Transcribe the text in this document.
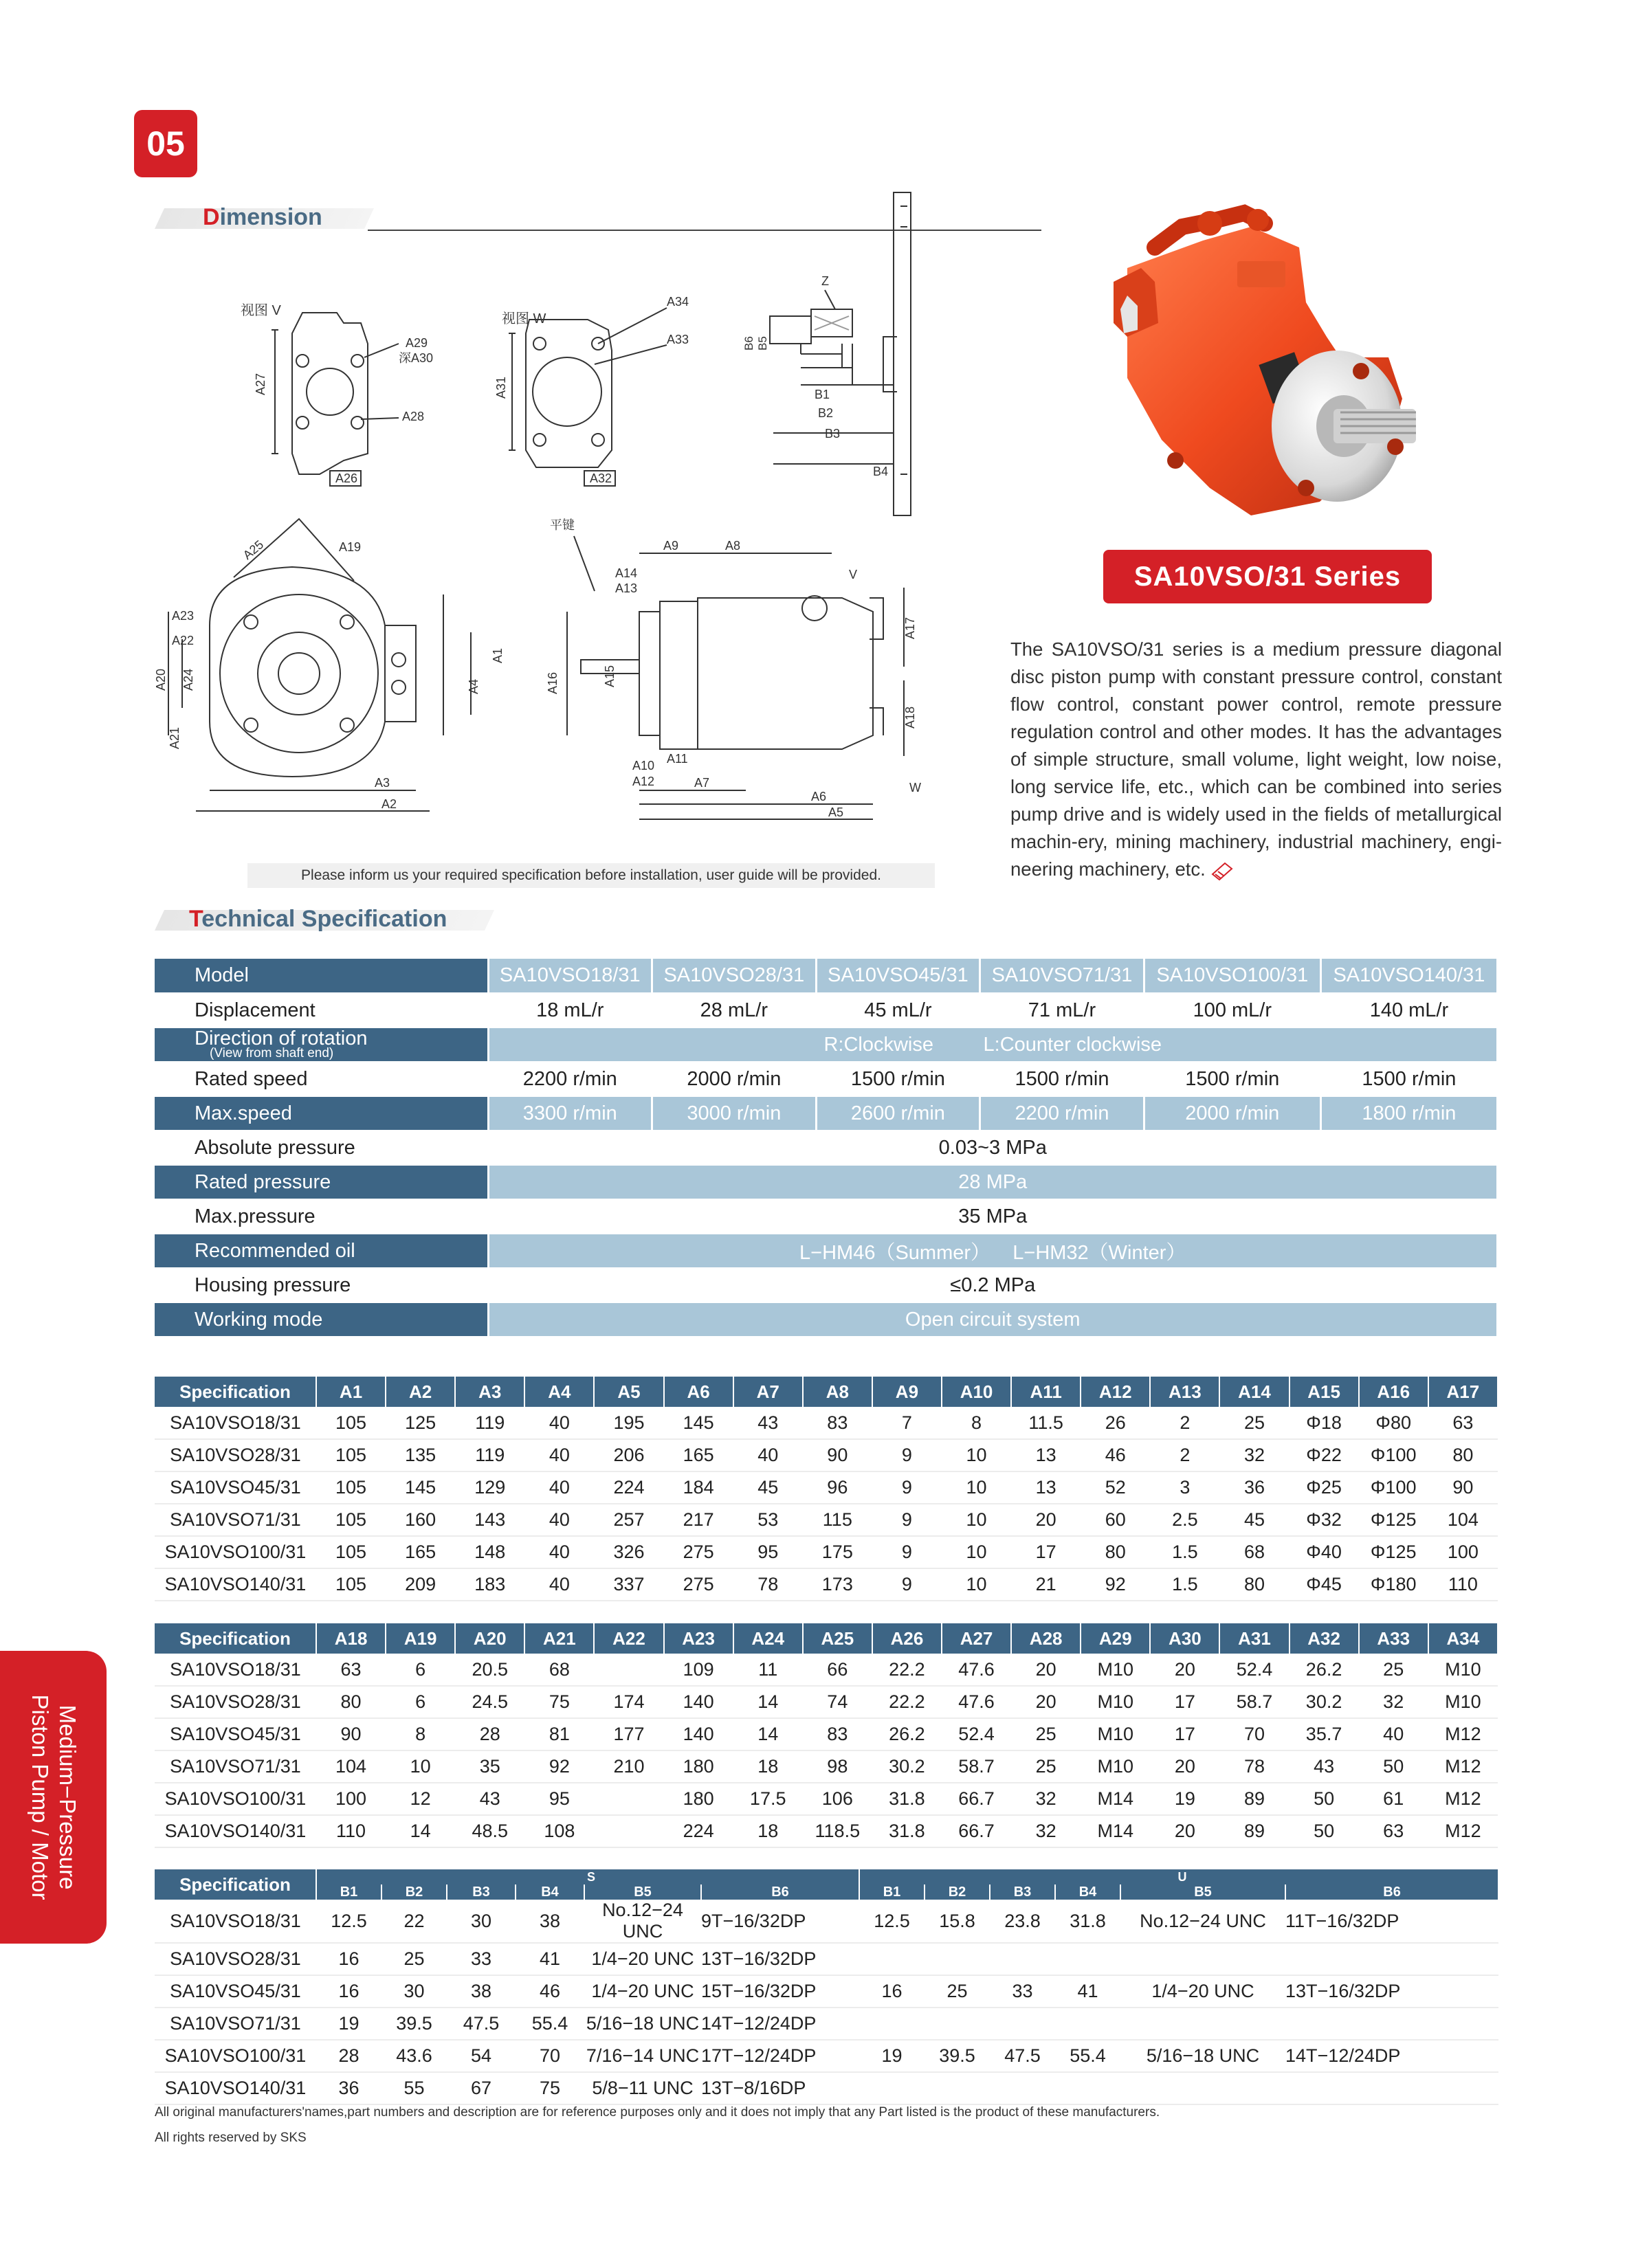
05
Dimension
视图 V
A27
A29
深A30
A28
A26
视图 W
A31
A34
A33
A32
Z
B6 B5
B1
B2
B3
B4
A25	A19
A23
A22
A20 A24
A21
A1
A4
A3
A2
平键
A9	A8
A14
A13
V
A17
A18
A16	A15
A10 A11
A12	A7
A6
A5
W
Please inform us your required specification before installation, user guide will be provided.
SA10VSO/31 Series
The SA10VSO/31 series is a medium pressure diagonal disc piston pump with constant pressure control, constant flow control, constant power control, remote pressure regulation control and other modes. It has the advantages of simple structure, small volume, light weight, low noise, long service life, etc., which can be combined into series pump drive and is widely used in the fields of metallurgical machin-ery, mining machinery, industrial machinery, engi-neering machinery, etc.
Technical Specification
Model	SA10VSO18/31	SA10VSO28/31	SA10VSO45/31	SA10VSO71/31	SA10VSO100/31	SA10VSO140/31
Displacement	18 mL/r	28 mL/r	45 mL/r	71 mL/r	100 mL/r	140 mL/r

Direction of rotation
(View from shaft end)	R:Clockwise         L:Counter clockwise					
Rated speed	2200 r/min	2000 r/min	1500 r/min	1500 r/min	1500 r/min	1500 r/min
Max.speed	3300 r/min	3000 r/min	2600 r/min	2200 r/min	2000 r/min	1800 r/min
Absolute pressure	0.03~3 MPa					
Rated pressure	28 MPa					
Max.pressure	35 MPa					
Recommended oil	L−HM46（Summer）    L−HM32（Winter）					
Housing pressure	≤0.2 MPa					
Working mode	Open circuit system					
Specification	A1	A2	A3	A4	A5	A6	A7	A8	A9	A10	A11	A12	A13	A14	A15	A16	A17
SA10VSO18/31	105	125	119	40	195	145	43	83	7	8	11.5	26	2	25	Φ18	Φ80	63
SA10VSO28/31	105	135	119	40	206	165	40	90	9	10	13	46	2	32	Φ22	Φ100	80
SA10VSO45/31	105	145	129	40	224	184	45	96	9	10	13	52	3	36	Φ25	Φ100	90
SA10VSO71/31	105	160	143	40	257	217	53	115	9	10	20	60	2.5	45	Φ32	Φ125	104
SA10VSO100/31	105	165	148	40	326	275	95	175	9	10	17	80	1.5	68	Φ40	Φ125	100
SA10VSO140/31	105	209	183	40	337	275	78	173	9	10	21	92	1.5	80	Φ45	Φ180	110
Specification	A18	A19	A20	A21	A22	A23	A24	A25	A26	A27	A28	A29	A30	A31	A32	A33	A34
SA10VSO18/31	63	6	20.5	68		109	11	66	22.2	47.6	20	M10	20	52.4	26.2	25	M10
SA10VSO28/31	80	6	24.5	75	174	140	14	74	22.2	47.6	20	M10	17	58.7	30.2	32	M10
SA10VSO45/31	90	8	28	81	177	140	14	83	26.2	52.4	25	M10	17	70	35.7	40	M12
SA10VSO71/31	104	10	35	92	210	180	18	98	30.2	58.7	25	M10	20	78	43	50	M12
SA10VSO100/31	100	12	43	95		180	17.5	106	31.8	66.7	32	M14	19	89	50	61	M12
SA10VSO140/31	110	14	48.5	108		224	18	118.5	31.8	66.7	32	M14	20	89	50	63	M12
Specification	S						U					
	B1	B2	B3	B4	B5	B6	B1	B2	B3	B4	B5	B6
SA10VSO18/31	12.5	22	30	38	No.12−24 UNC	9T−16/32DP	12.5	15.8	23.8	31.8	No.12−24 UNC	11T−16/32DP
SA10VSO28/31	16	25	33	41	1/4−20 UNC	13T−16/32DP						
SA10VSO45/31	16	30	38	46	1/4−20 UNC	15T−16/32DP	16	25	33	41	1/4−20 UNC	13T−16/32DP
SA10VSO71/31	19	39.5	47.5	55.4	5/16−18 UNC	14T−12/24DP						
SA10VSO100/31	28	43.6	54	70	7/16−14 UNC	17T−12/24DP	19	39.5	47.5	55.4	5/16−18 UNC	14T−12/24DP
SA10VSO140/31	36	55	67	75	5/8−11 UNC	13T−8/16DP						
Medium−Pressure
Piston Pump / Motor
All original manufacturers'names,part numbers and description are for reference purposes only and it does not imply that any Part listed is the product of these manufacturers.
All rights reserved by SKS
